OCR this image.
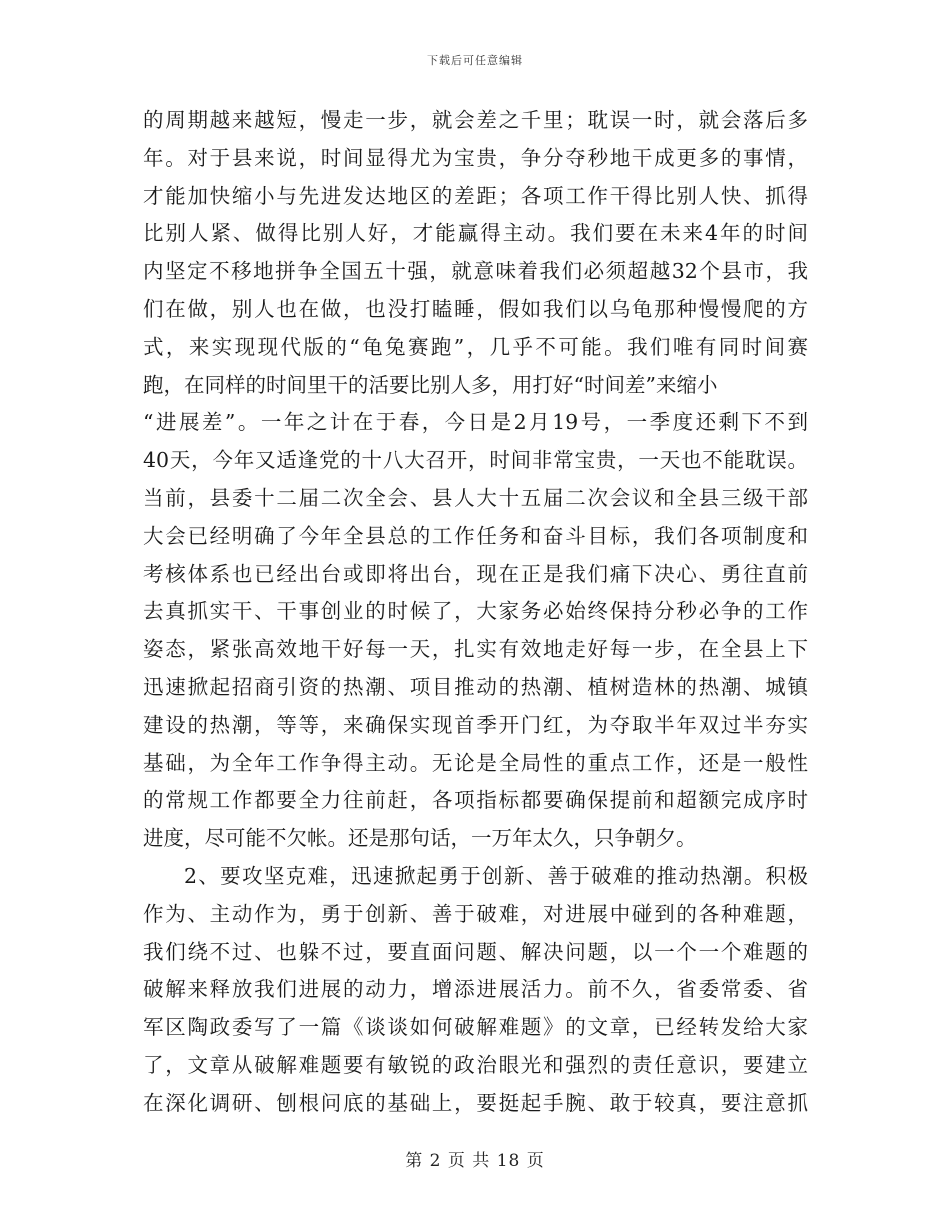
下载后可任意编辑
的周期越来越短，慢走一步，就会差之千里；耽误一时，就会落后多
年。对于县来说，时间显得尤为宝贵，争分夺秒地干成更多的事情，
才能加快缩小与先进发达地区的差距；各项工作干得比别人快、抓得
比别人紧、做得比别人好，才能赢得主动。我们要在未来4年的时间
内坚定不移地拼争全国五十强，就意味着我们必须超越32个县市，我
们在做，别人也在做，也没打瞌睡，假如我们以乌龟那种慢慢爬的方
式，来实现现代版的“龟兔赛跑”，几乎不可能。我们唯有同时间赛
跑，在同样的时间里干的活要比别人多，用打好“时间差”来缩小
“进展差”。一年之计在于春，今日是2月19号，一季度还剩下不到
40天，今年又适逢党的十八大召开，时间非常宝贵，一天也不能耽误。
当前，县委十二届二次全会、县人大十五届二次会议和全县三级干部
大会已经明确了今年全县总的工作任务和奋斗目标，我们各项制度和
考核体系也已经出台或即将出台，现在正是我们痛下决心、勇往直前
去真抓实干、干事创业的时候了，大家务必始终保持分秒必争的工作
姿态，紧张高效地干好每一天，扎实有效地走好每一步，在全县上下
迅速掀起招商引资的热潮、项目推动的热潮、植树造林的热潮、城镇
建设的热潮，等等，来确保实现首季开门红，为夺取半年双过半夯实
基础，为全年工作争得主动。无论是全局性的重点工作，还是一般性
的常规工作都要全力往前赶，各项指标都要确保提前和超额完成序时
进度，尽可能不欠帐。还是那句话，一万年太久，只争朝夕。
2、要攻坚克难，迅速掀起勇于创新、善于破难的推动热潮。积极
作为、主动作为，勇于创新、善于破难，对进展中碰到的各种难题，
我们绕不过、也躲不过，要直面问题、解决问题，以一个一个难题的
破解来释放我们进展的动力，增添进展活力。前不久，省委常委、省
军区陶政委写了一篇《谈谈如何破解难题》的文章，已经转发给大家
了，文章从破解难题要有敏锐的政治眼光和强烈的责任意识，要建立
在深化调研、刨根问底的基础上，要挺起手腕、敢于较真，要注意抓
第 2 页 共 18 页
